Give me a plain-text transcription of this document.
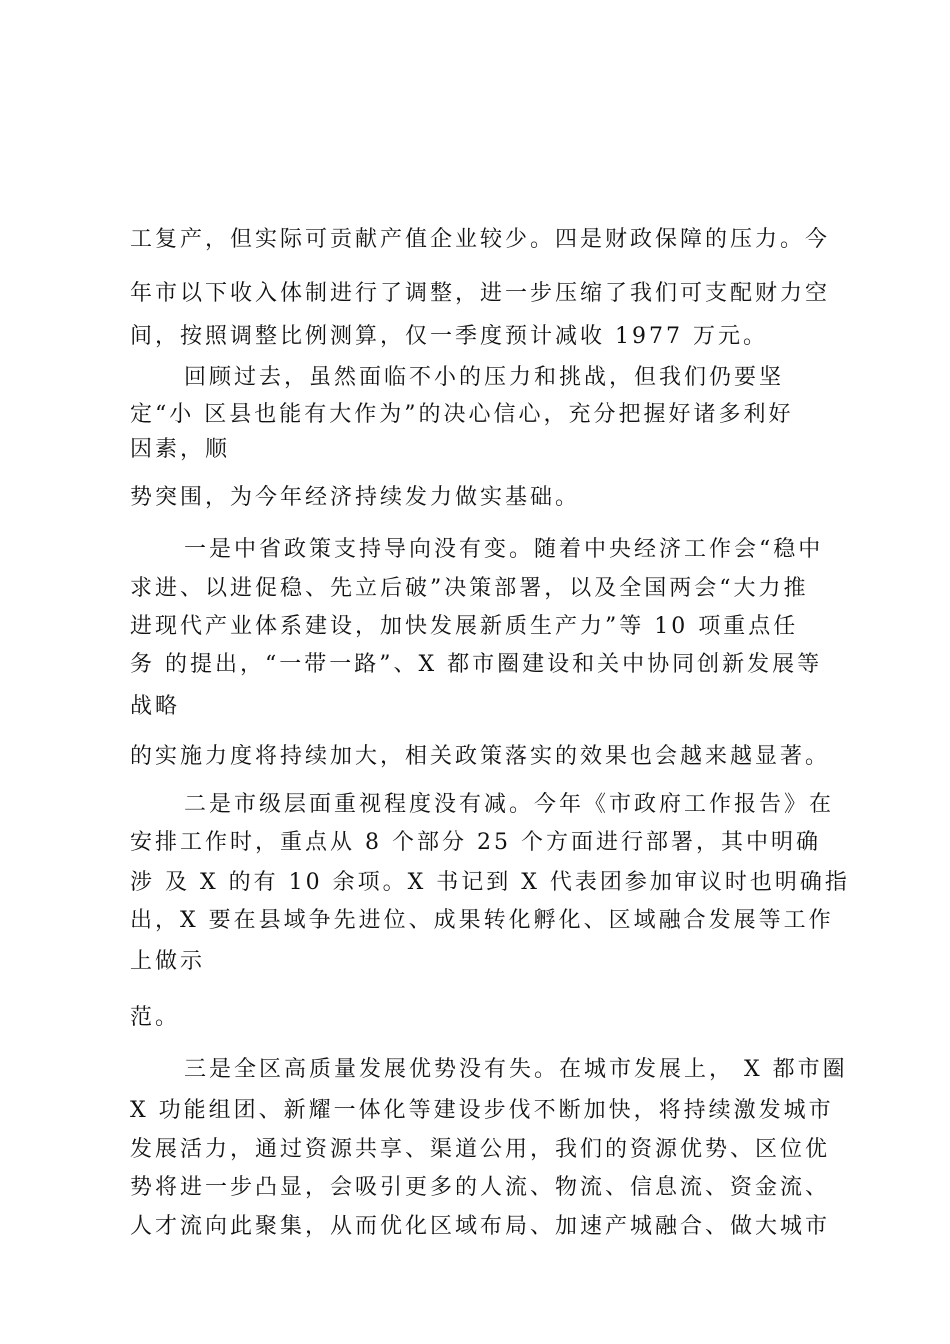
工复产，但实际可贡献产值企业较少。四是财政保障的压力。今
年市以下收入体制进行了调整，进一步压缩了我们可支配财力空
间，按照调整比例测算，仅一季度预计减收 1977 万元。
回顾过去，虽然面临不小的压力和挑战，但我们仍要坚
定“小 区县也能有大作为”的决心信心，充分把握好诸多利好
因素，顺
势突围，为今年经济持续发力做实基础。
一是中省政策支持导向没有变。随着中央经济工作会“稳中
求进、以进促稳、先立后破”决策部署，以及全国两会“大力推
进现代产业体系建设，加快发展新质生产力”等 10 项重点任
务 的提出，“一带一路”、X 都市圈建设和关中协同创新发展等
战略
的实施力度将持续加大，相关政策落实的效果也会越来越显著。
二是市级层面重视程度没有减。今年《市政府工作报告》在
安排工作时，重点从 8 个部分 25 个方面进行部署，其中明确
涉 及 X 的有 10 余项。X 书记到 X 代表团参加审议时也明确指
出，X 要在县域争先进位、成果转化孵化、区域融合发展等工作
上做示
范。
三是全区高质量发展优势没有失。在城市发展上， X 都市圈
X 功能组团、新耀一体化等建设步伐不断加快，将持续激发城市
发展活力，通过资源共享、渠道公用，我们的资源优势、区位优
势将进一步凸显，会吸引更多的人流、物流、信息流、资金流、
人才流向此聚集，从而优化区域布局、加速产城融合、做大城市
